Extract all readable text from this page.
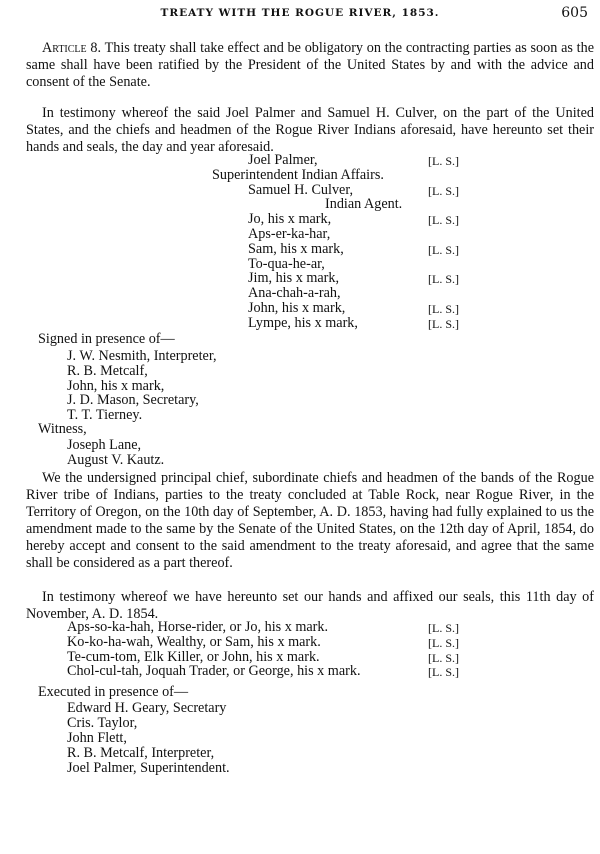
TREATY WITH THE ROGUE RIVER, 1853.	605
Article 8. This treaty shall take effect and be obligatory on the contracting parties as soon as the same shall have been ratified by the President of the United States by and with the advice and consent of the Senate.
In testimony whereof the said Joel Palmer and Samuel H. Culver, on the part of the United States, and the chiefs and headmen of the Rogue River Indians aforesaid, have hereunto set their hands and seals, the day and year aforesaid.
Joel Palmer,	[L. S.]
Superintendent Indian Affairs.
Samuel H. Culver,	[L. S.]
Indian Agent.
Jo, his x mark,	[L. S.]
Aps-er-ka-har,
Sam, his x mark,	[L. S.]
To-qua-he-ar,
Jim, his x mark,	[L. S.]
Ana-chah-a-rah,
John, his x mark,	[L. S.]
Lympe, his x mark,	[L. S.]
Signed in presence of—
J. W. Nesmith, Interpreter,
R. B. Metcalf,
John, his x mark,
J. D. Mason, Secretary,
T. T. Tierney.
Witness,
Joseph Lane,
August V. Kautz.
We the undersigned principal chief, subordinate chiefs and headmen of the bands of the Rogue River tribe of Indians, parties to the treaty concluded at Table Rock, near Rogue River, in the Territory of Oregon, on the 10th day of September, A. D. 1853, having had fully explained to us the amendment made to the same by the Senate of the United States, on the 12th day of April, 1854, do hereby accept and consent to the said amendment to the treaty aforesaid, and agree that the same shall be considered as a part thereof.
In testimony whereof we have hereunto set our hands and affixed our seals, this 11th day of November, A. D. 1854.
Aps-so-ka-hah, Horse-rider, or Jo, his x mark.	[L. S.]
Ko-ko-ha-wah, Wealthy, or Sam, his x mark.	[L. S.]
Te-cum-tom, Elk Killer, or John, his x mark.	[L. S.]
Chol-cul-tah, Joquah Trader, or George, his x mark.	[L. S.]
Executed in presence of—
Edward H. Geary, Secretary
Cris. Taylor,
John Flett,
R. B. Metcalf, Interpreter,
Joel Palmer, Superintendent.
